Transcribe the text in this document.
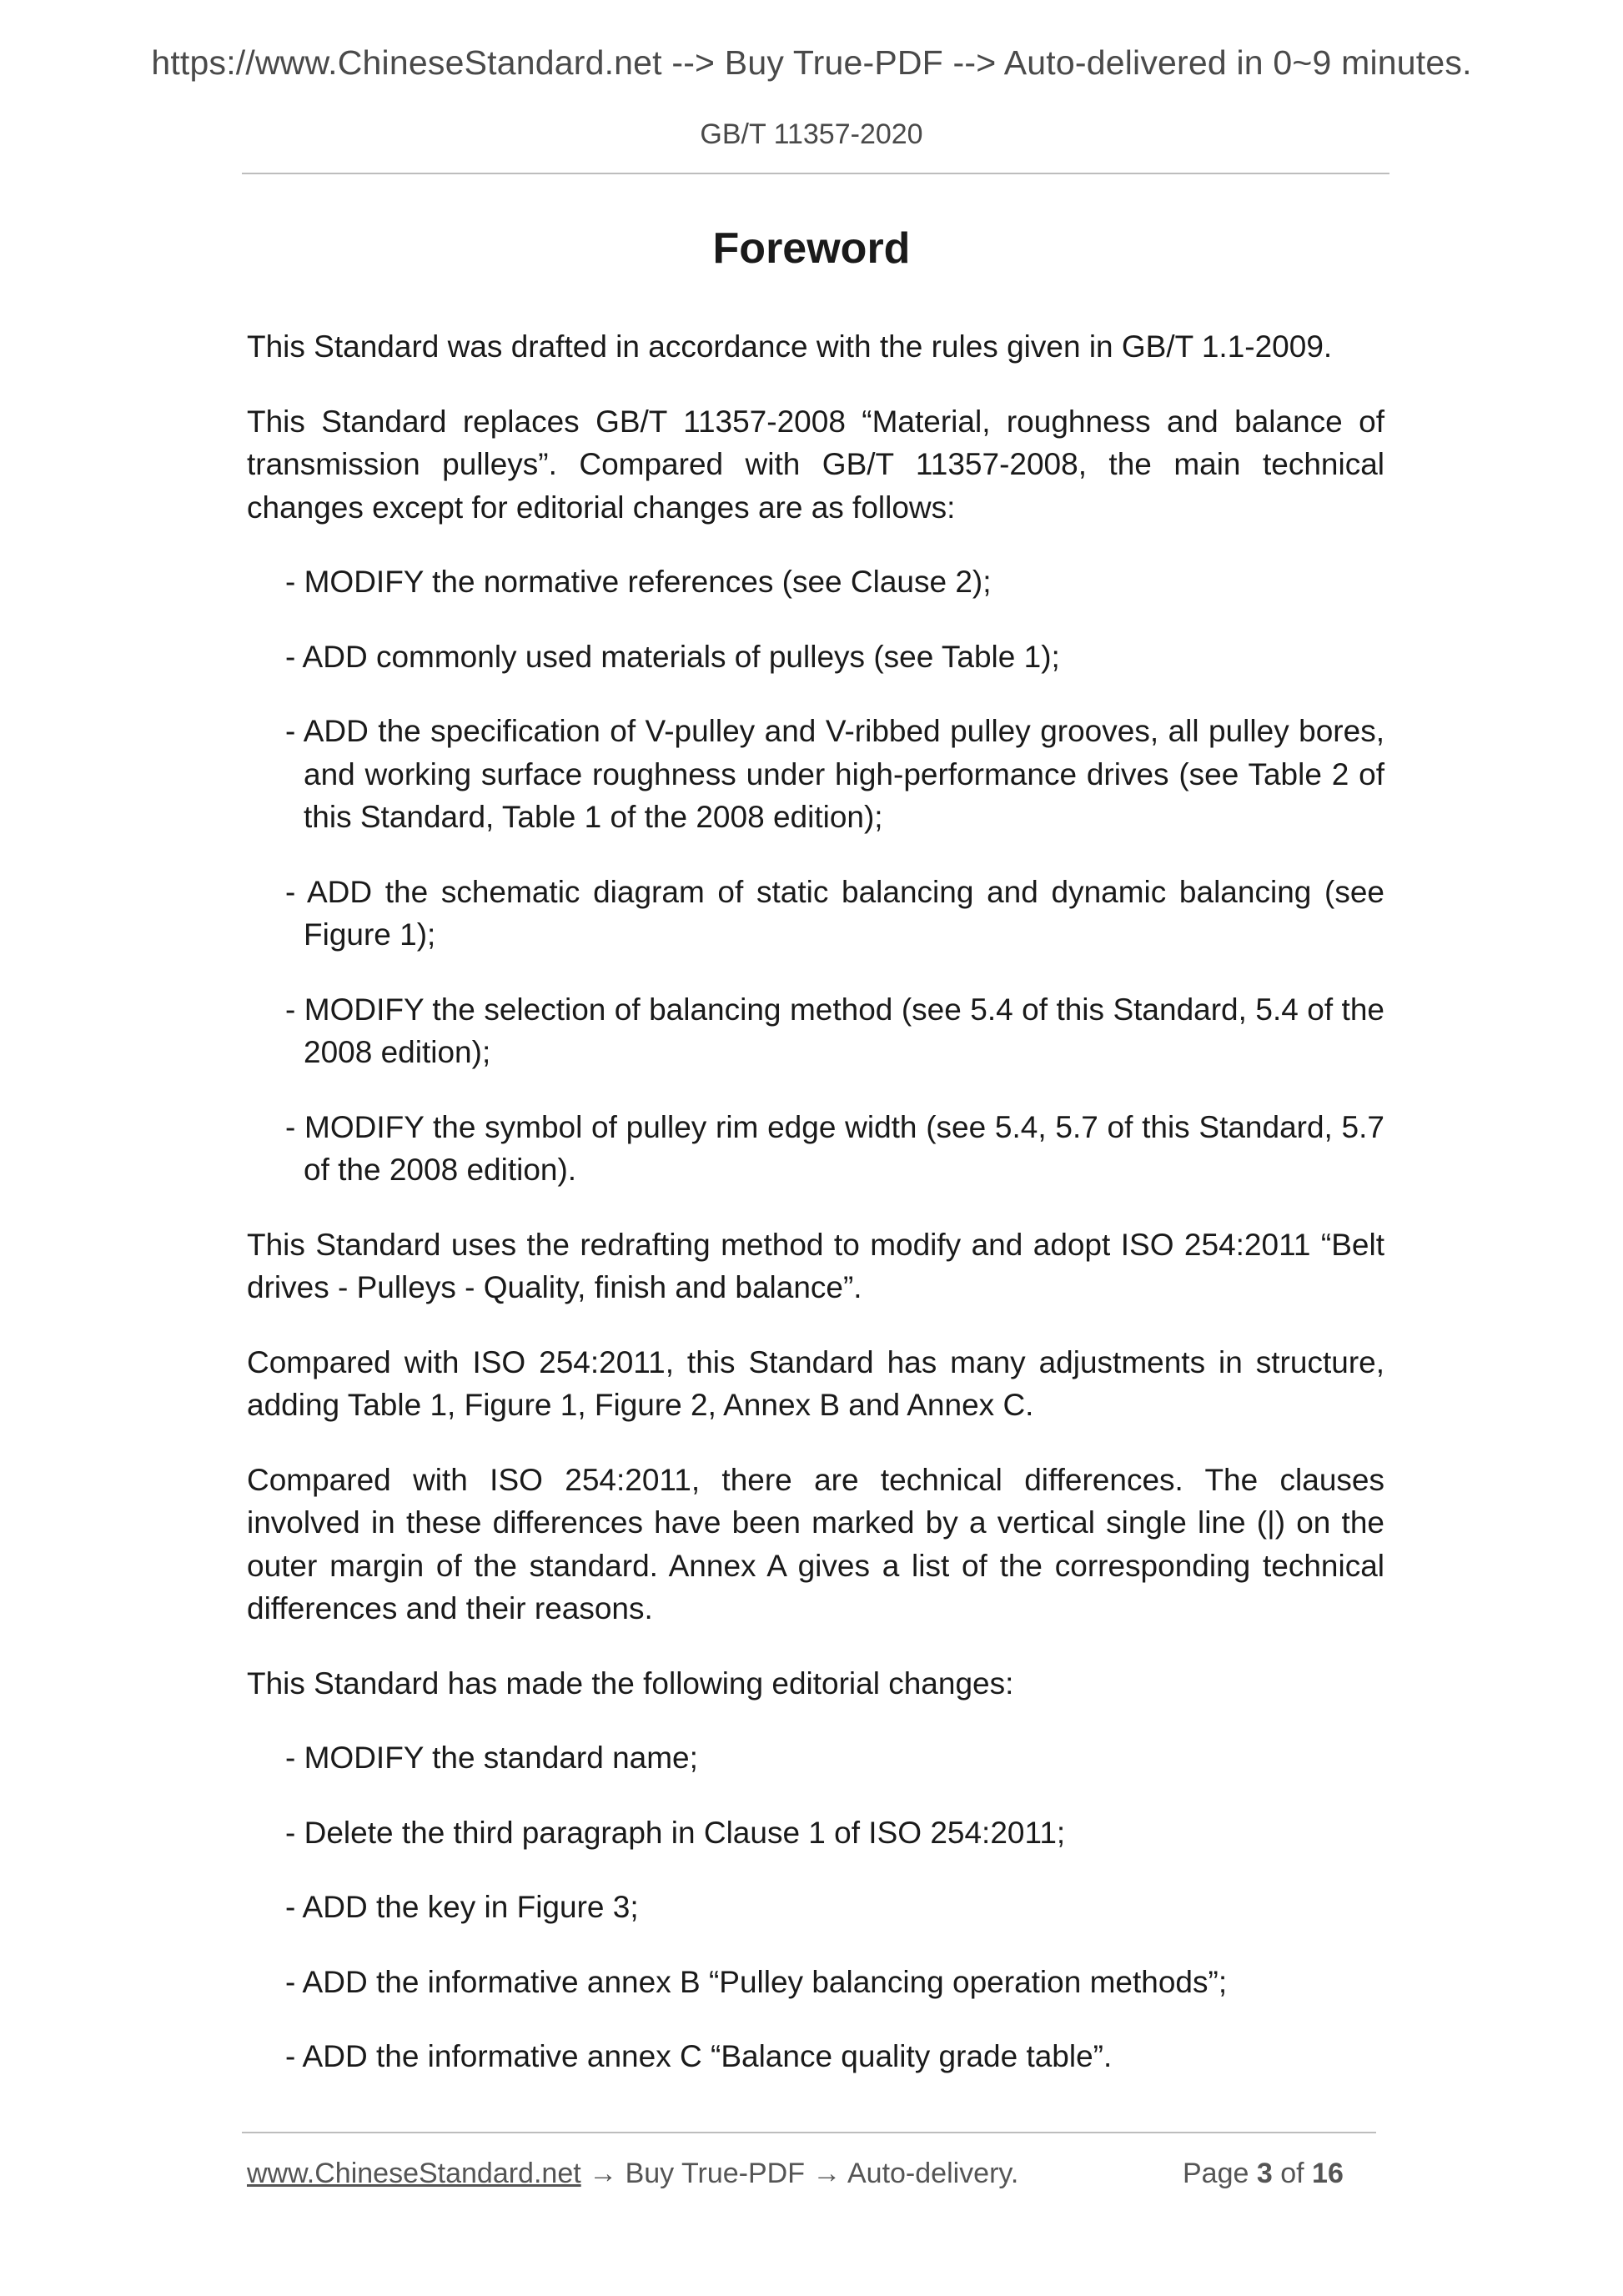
https://www.ChineseStandard.net --> Buy True-PDF --> Auto-delivered in 0~9 minutes.
GB/T 11357-2020
Foreword

This Standard was drafted in accordance with the rules given in GB/T 1.1-2009.

This Standard replaces GB/T 11357-2008 “Material, roughness and balance of transmission pulleys”. Compared with GB/T 11357-2008, the main technical changes except for editorial changes are as follows:

- MODIFY the normative references (see Clause 2);

- ADD commonly used materials of pulleys (see Table 1);

- ADD the specification of V-pulley and V-ribbed pulley grooves, all pulley bores, and working surface roughness under high-performance drives (see Table 2 of this Standard, Table 1 of the 2008 edition);

- ADD the schematic diagram of static balancing and dynamic balancing (see Figure 1);

- MODIFY the selection of balancing method (see 5.4 of this Standard, 5.4 of the 2008 edition);

- MODIFY the symbol of pulley rim edge width (see 5.4, 5.7 of this Standard, 5.7 of the 2008 edition).

This Standard uses the redrafting method to modify and adopt ISO 254:2011 “Belt drives - Pulleys - Quality, finish and balance”.

Compared with ISO 254:2011, this Standard has many adjustments in structure, adding Table 1, Figure 1, Figure 2, Annex B and Annex C.

Compared with ISO 254:2011, there are technical differences. The clauses involved in these differences have been marked by a vertical single line (|) on the outer margin of the standard. Annex A gives a list of the corresponding technical differences and their reasons.

This Standard has made the following editorial changes:

- MODIFY the standard name;

- Delete the third paragraph in Clause 1 of ISO 254:2011;

- ADD the key in Figure 3;

- ADD the informative annex B “Pulley balancing operation methods”;

- ADD the informative annex C “Balance quality grade table”.

www.ChineseStandard.net → Buy True-PDF → Auto-delivery.	Page 3 of 16
